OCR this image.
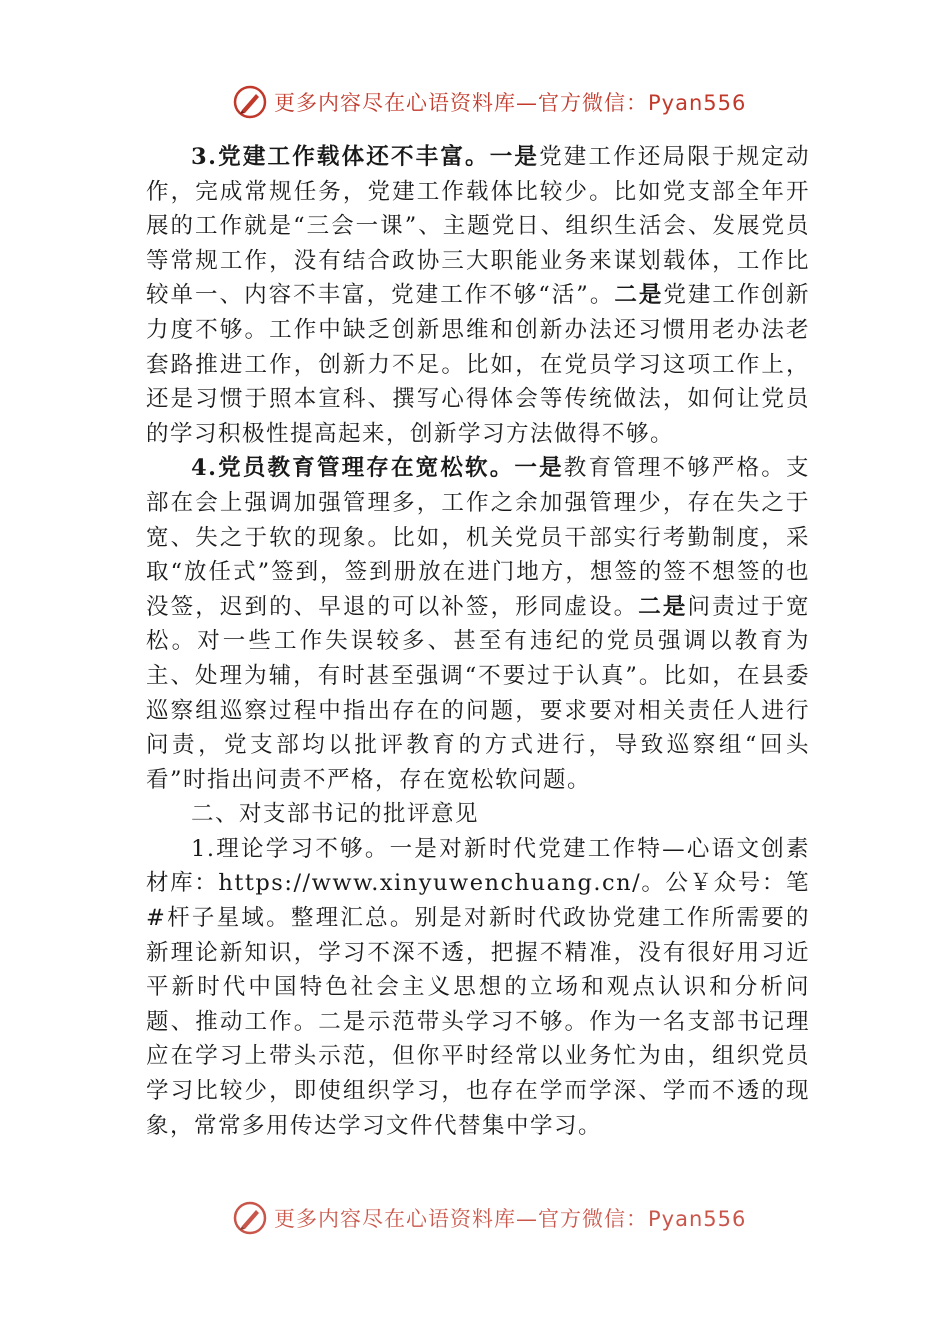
更多内容尽在心语资料库—官方微信：Pyan556

3.党建工作载体还不丰富。一是党建工作还局限于规定动作，完成常规任务，党建工作载体比较少。比如党支部全年开展的工作就是“三会一课”、主题党日、组织生活会、发展党员等常规工作，没有结合政协三大职能业务来谋划载体，工作比较单一、内容不丰富，党建工作不够“活”。二是党建工作创新力度不够。工作中缺乏创新思维和创新办法还习惯用老办法老套路推进工作，创新力不足。比如，在党员学习这项工作上，还是习惯于照本宣科、撰写心得体会等传统做法，如何让党员的学习积极性提高起来，创新学习方法做得不够。

4.党员教育管理存在宽松软。一是教育管理不够严格。支部在会上强调加强管理多，工作之余加强管理少，存在失之于宽、失之于软的现象。比如，机关党员干部实行考勤制度，采取“放任式”签到，签到册放在进门地方，想签的签不想签的也没签，迟到的、早退的可以补签，形同虚设。二是问责过于宽松。对一些工作失误较多、甚至有违纪的党员强调以教育为主、处理为辅，有时甚至强调“不要过于认真”。比如，在县委巡察组巡察过程中指出存在的问题，要求要对相关责任人进行问责，党支部均以批评教育的方式进行，导致巡察组“回头看”时指出问责不严格，存在宽松软问题。

二、对支部书记的批评意见

1.理论学习不够。一是对新时代党建工作特—心语文创素材库：https://www.xinyuwenchuang.cn/。公￥众号：笔#杆子星域。整理汇总。别是对新时代政协党建工作所需要的新理论新知识，学习不深不透，把握不精准，没有很好用习近平新时代中国特色社会主义思想的立场和观点认识和分析问题、推动工作。二是示范带头学习不够。作为一名支部书记理应在学习上带头示范，但你平时经常以业务忙为由，组织党员学习比较少，即使组织学习，也存在学而学深、学而不透的现象，常常多用传达学习文件代替集中学习。

更多内容尽在心语资料库—官方微信：Pyan556
